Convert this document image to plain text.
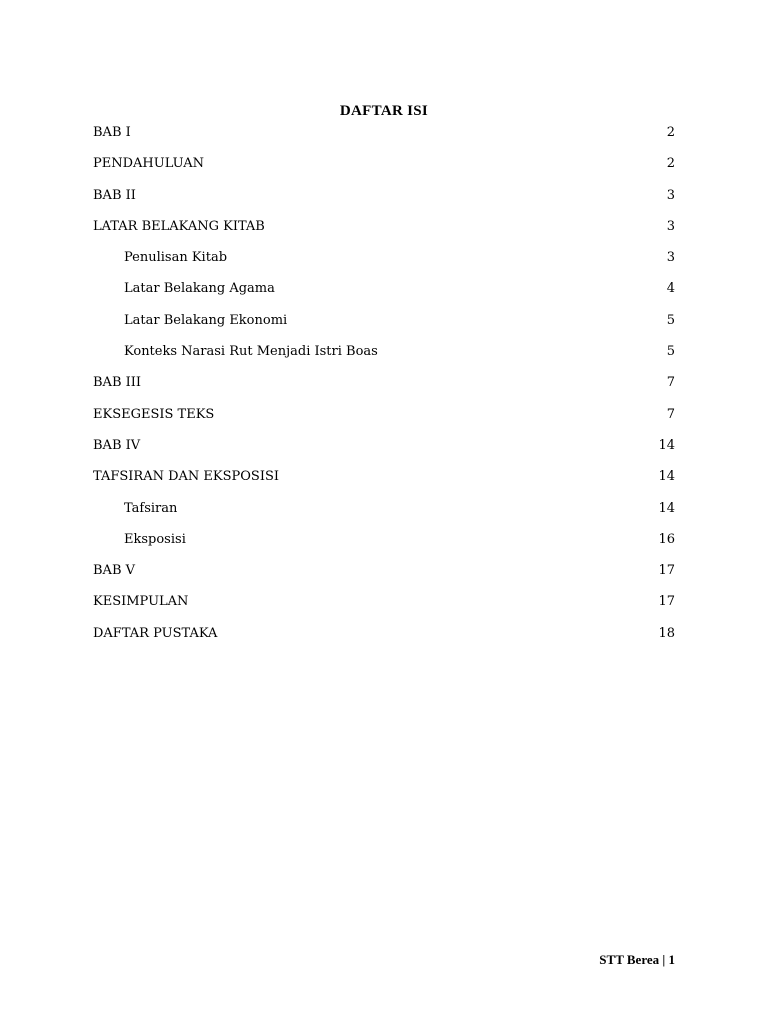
DAFTAR ISI
BAB I .....	2
PENDAHULUAN .....	2
BAB II .....	3
LATAR BELAKANG KITAB .....	3
Penulisan Kitab .....	3
Latar Belakang Agama .....	4
Latar Belakang Ekonomi .....	5
Konteks Narasi Rut Menjadi Istri Boas .....	5
BAB III .....	7
EKSEGESIS TEKS .....	7
BAB IV .....	14
TAFSIRAN DAN EKSPOSISI .....	14
Tafsiran .....	14
Eksposisi .....	16
BAB V .....	17
KESIMPULAN .....	17
DAFTAR PUSTAKA .....	18
STT Berea | 1
